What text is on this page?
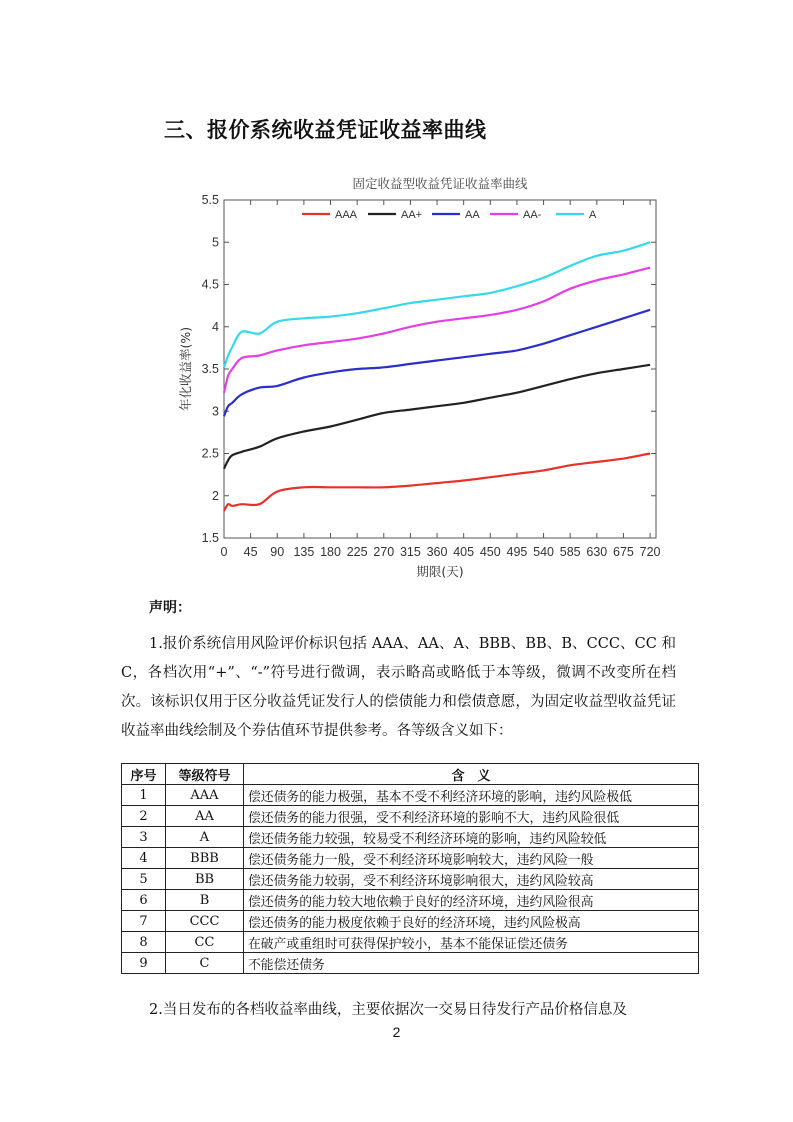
三、报价系统收益凭证收益率曲线
1.5
2
2.5
3
3.5
4
4.5
5
5.5
0 45 90 135 180 225 270 315 360 405 450 495 540 585 630 675 720
固定收益型收益凭证收益率曲线
期限(天)
年化收益率(%)
AAA	AA+	AA	AA-	A
声明：
1.报价系统信用风险评价标识包括 AAA、AA、A、BBB、BB、B、CCC、CC 和 C，各档次用“+”、“-”符号进行微调，表示略高或略低于本等级，微调不改变所在档次。该标识仅用于区分收益凭证发行人的偿债能力和偿债意愿，为固定收益型收益凭证收益率曲线绘制及个券估值环节提供参考。各等级含义如下：
序号	等级符号	含　义
1	AAA	偿还债务的能力极强，基本不受不利经济环境的影响，违约风险极低
2	AA	偿还债务的能力很强，受不利经济环境的影响不大，违约风险很低
3	A	偿还债务能力较强，较易受不利经济环境的影响，违约风险较低
4	BBB	偿还债务能力一般，受不利经济环境影响较大，违约风险一般
5	BB	偿还债务能力较弱，受不利经济环境影响很大，违约风险较高
6	B	偿还债务的能力较大地依赖于良好的经济环境，违约风险很高
7	CCC	偿还债务的能力极度依赖于良好的经济环境，违约风险极高
8	CC	在破产或重组时可获得保护较小，基本不能保证偿还债务
9	C	不能偿还债务
2.当日发布的各档收益率曲线，主要依据次一交易日待发行产品价格信息及
2
